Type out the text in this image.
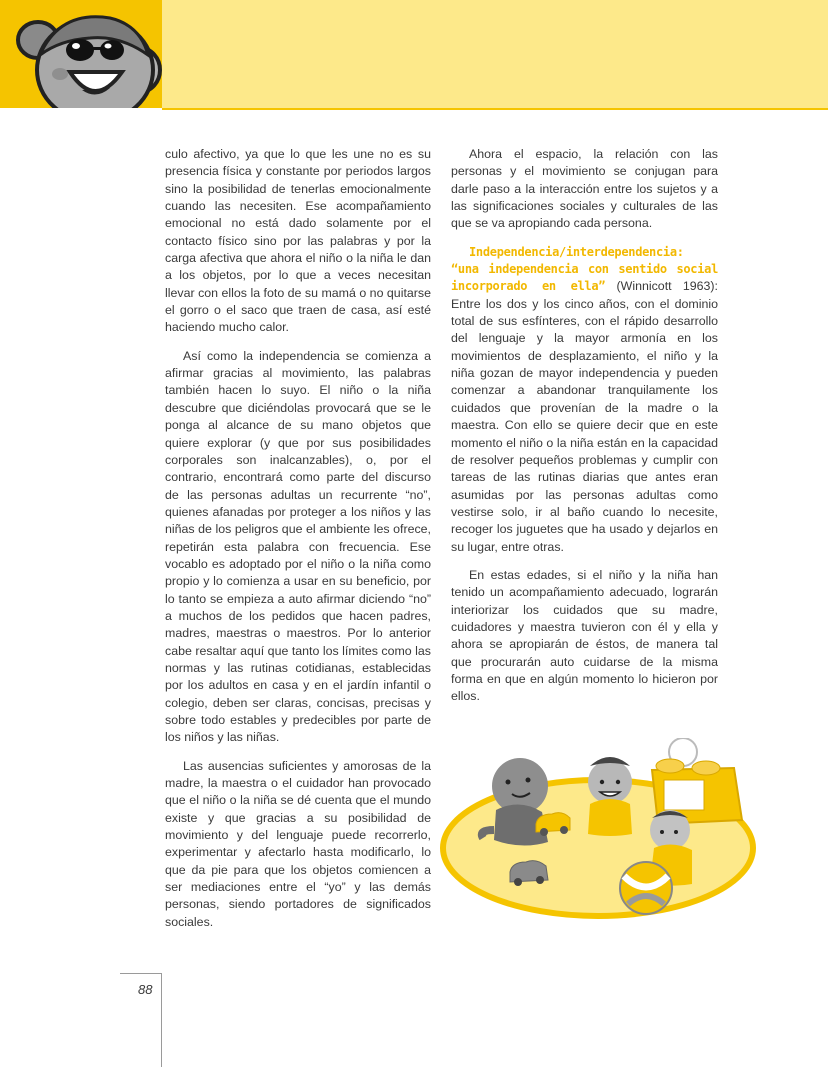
culo afectivo, ya que lo que les une no es su presencia física y constante por periodos largos sino la posibilidad de tenerlas emocionalmente cuando las necesiten. Ese acompañamiento emocional no está dado solamente por el contacto físico sino por las palabras y por la carga afectiva que ahora el niño o la niña le dan a los objetos, por lo que a veces necesitan llevar con ellos la foto de su mamá o no quitarse el gorro o el saco que traen de casa, así esté haciendo mucho calor.

Así como la independencia se comienza a afirmar gracias al movimiento, las palabras también hacen lo suyo. El niño o la niña descubre que diciéndolas provocará que se le ponga al alcance de su mano objetos que quiere explorar (y que por sus posibilidades corporales son inalcanzables), o, por el contrario, encontrará como parte del discurso de las personas adultas un recurrente “no”, quienes afanadas por proteger a los niños y las niñas de los peligros que el ambiente les ofrece, repetirán esta palabra con frecuencia. Ese vocablo es adoptado por el niño o la niña como propio y lo comienza a usar en su beneficio, por lo tanto se empieza a auto afirmar diciendo “no” a muchos de los pedidos que hacen padres, madres, maestras o maestros. Por lo anterior cabe resaltar aquí que tanto los límites como las normas y las rutinas cotidianas, establecidas por los adultos en casa y en el jardín infantil o colegio, deben ser claras, concisas, precisas y sobre todo estables y predecibles por parte de los niños y las niñas.

Las ausencias suficientes y amorosas de la madre, la maestra o el cuidador han provocado que el niño o la niña se dé cuenta que el mundo existe y que gracias a su posibilidad de movimiento y del lenguaje puede recorrerlo, experimentar y afectarlo hasta modificarlo, lo que da pie para que los objetos comiencen a ser mediaciones entre el “yo” y las demás personas, siendo portadores de significados sociales.

Ahora el espacio, la relación con las personas y el movimiento se conjugan para darle paso a la interacción entre los sujetos y a las significaciones sociales y culturales de las que se va apropiando cada persona.

Independencia/interdependencia: “una independencia con sentido social incorporado en ella” (Winnicott 1963): Entre los dos y los cinco años, con el dominio total de sus esfínteres, con el rápido desarrollo del lenguaje y la mayor armonía en los movimientos de desplazamiento, el niño y la niña gozan de mayor independencia y pueden comenzar a abandonar tranquilamente los cuidados que provenían de la madre o la maestra. Con ello se quiere decir que en este momento el niño o la niña están en la capacidad de resolver pequeños problemas y cumplir con tareas de las rutinas diarias que antes eran asumidas por las personas adultas como vestirse solo, ir al baño cuando lo necesite, recoger los juguetes que ha usado y dejarlos en su lugar, entre otras.

En estas edades, si el niño y la niña han tenido un acompañamiento adecuado, lograrán interiorizar los cuidados que su madre, cuidadores y maestra tuvieron con él y ella y ahora se apropiarán de éstos, de manera tal que procurarán auto cuidarse de la misma forma en que en algún momento lo hicieron por ellos.

88
